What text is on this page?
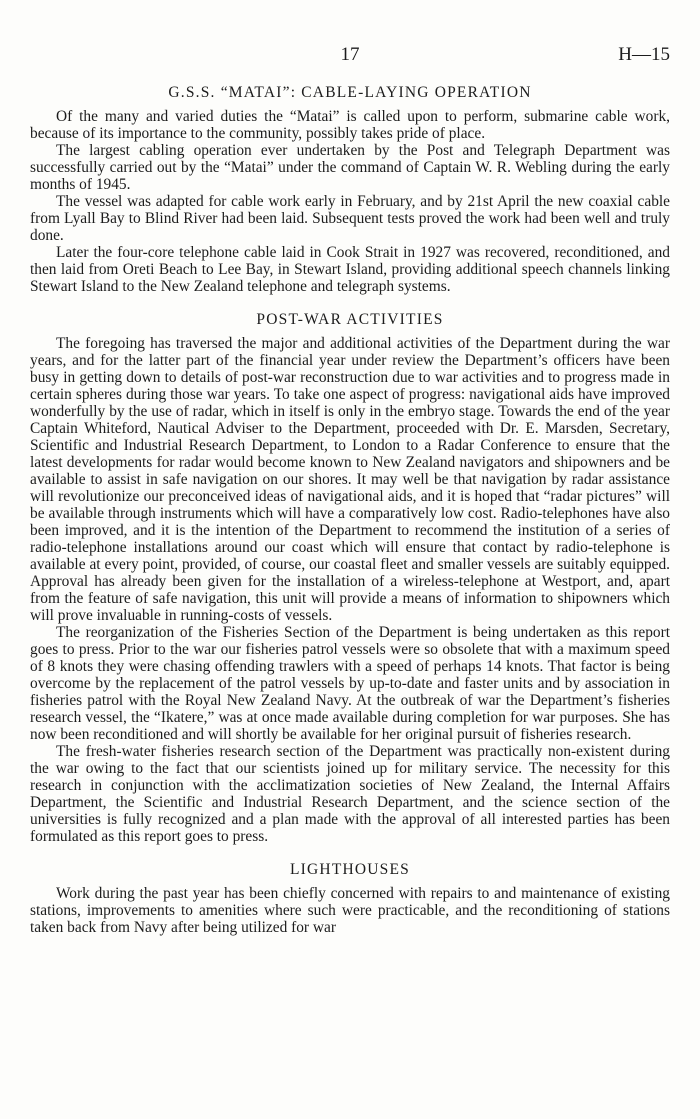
17	H—15
G.S.S. “MATAI”: CABLE-LAYING OPERATION

Of the many and varied duties the “Matai” is called upon to perform, submarine cable work, because of its importance to the community, possibly takes pride of place.

The largest cabling operation ever undertaken by the Post and Telegraph Department was successfully carried out by the “Matai” under the command of Captain W. R. Webling during the early months of 1945.

The vessel was adapted for cable work early in February, and by 21st April the new coaxial cable from Lyall Bay to Blind River had been laid. Subsequent tests proved the work had been well and truly done.

Later the four-core telephone cable laid in Cook Strait in 1927 was recovered, reconditioned, and then laid from Oreti Beach to Lee Bay, in Stewart Island, providing additional speech channels linking Stewart Island to the New Zealand telephone and telegraph systems.

POST-WAR ACTIVITIES

The foregoing has traversed the major and additional activities of the Department during the war years, and for the latter part of the financial year under review the Department’s officers have been busy in getting down to details of post-war reconstruction due to war activities and to progress made in certain spheres during those war years. To take one aspect of progress: navigational aids have improved wonderfully by the use of radar, which in itself is only in the embryo stage. Towards the end of the year Captain Whiteford, Nautical Adviser to the Department, proceeded with Dr. E. Marsden, Secretary, Scientific and Industrial Research Department, to London to a Radar Conference to ensure that the latest developments for radar would become known to New Zealand navigators and shipowners and be available to assist in safe navigation on our shores. It may well be that navigation by radar assistance will revolutionize our preconceived ideas of navigational aids, and it is hoped that “radar pictures” will be available through instruments which will have a comparatively low cost. Radio-telephones have also been improved, and it is the intention of the Department to recommend the institution of a series of radio-telephone installations around our coast which will ensure that contact by radio-telephone is available at every point, provided, of course, our coastal fleet and smaller vessels are suitably equipped. Approval has already been given for the installation of a wireless-telephone at Westport, and, apart from the feature of safe navigation, this unit will provide a means of information to shipowners which will prove invaluable in running-costs of vessels.

The reorganization of the Fisheries Section of the Department is being undertaken as this report goes to press. Prior to the war our fisheries patrol vessels were so obsolete that with a maximum speed of 8 knots they were chasing offending trawlers with a speed of perhaps 14 knots. That factor is being overcome by the replacement of the patrol vessels by up-to-date and faster units and by association in fisheries patrol with the Royal New Zealand Navy. At the outbreak of war the Department’s fisheries research vessel, the “Ikatere,” was at once made available during completion for war purposes. She has now been reconditioned and will shortly be available for her original pursuit of fisheries research.

The fresh-water fisheries research section of the Department was practically non-existent during the war owing to the fact that our scientists joined up for military service. The necessity for this research in conjunction with the acclimatization societies of New Zealand, the Internal Affairs Department, the Scientific and Industrial Research Department, and the science section of the universities is fully recognized and a plan made with the approval of all interested parties has been formulated as this report goes to press.

LIGHTHOUSES

Work during the past year has been chiefly concerned with repairs to and maintenance of existing stations, improvements to amenities where such were practicable, and the reconditioning of stations taken back from Navy after being utilized for war
